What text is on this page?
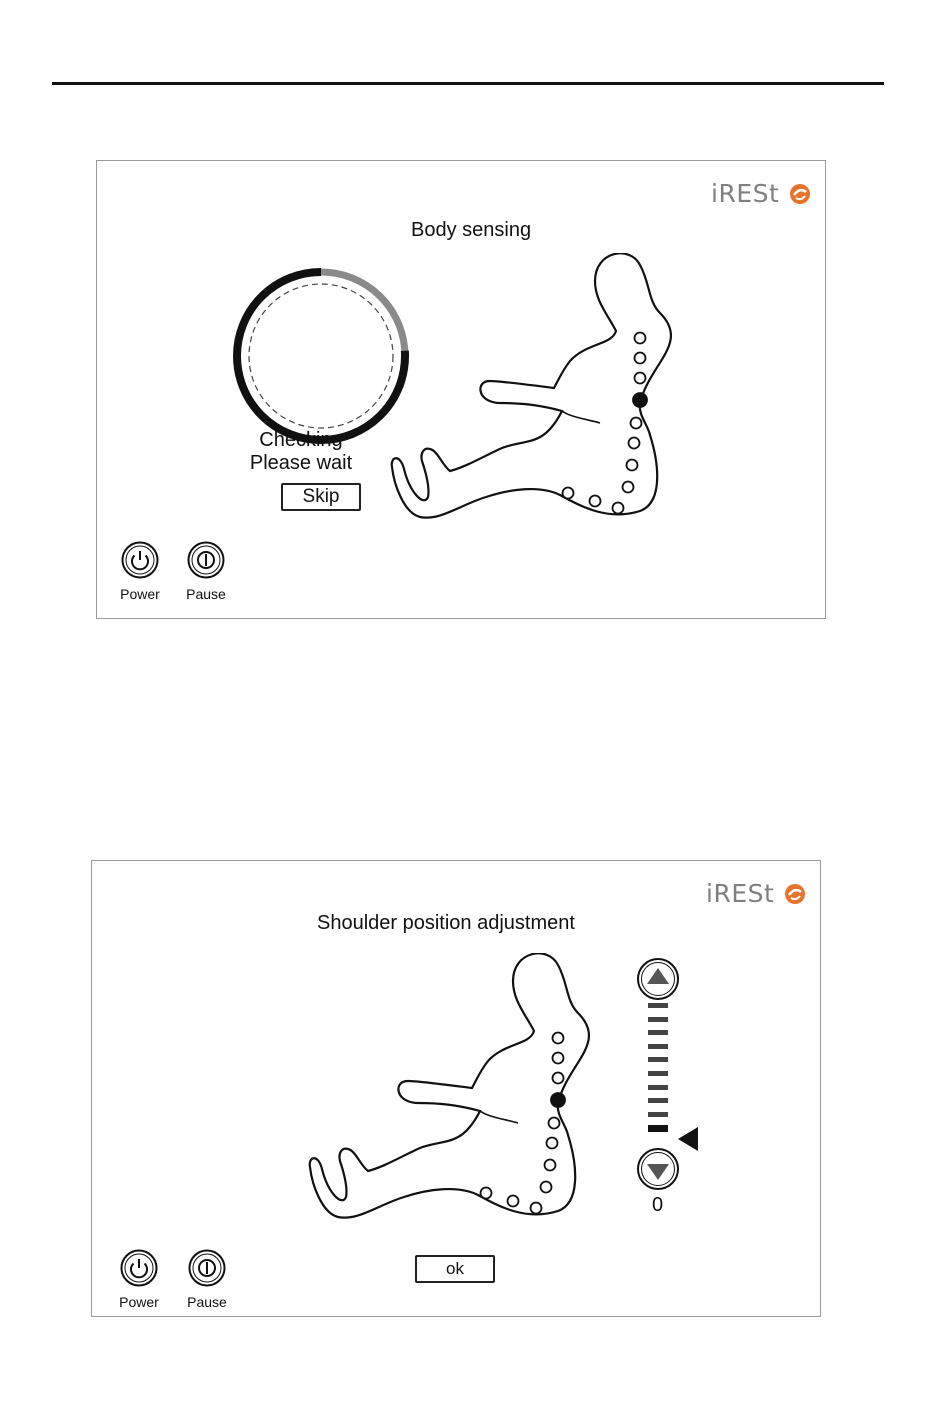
iRESt
Body sensing
Checking
Please wait
Skip
Power	Pause
iRESt
Shoulder position adjustment
0
ok
Power	Pause
